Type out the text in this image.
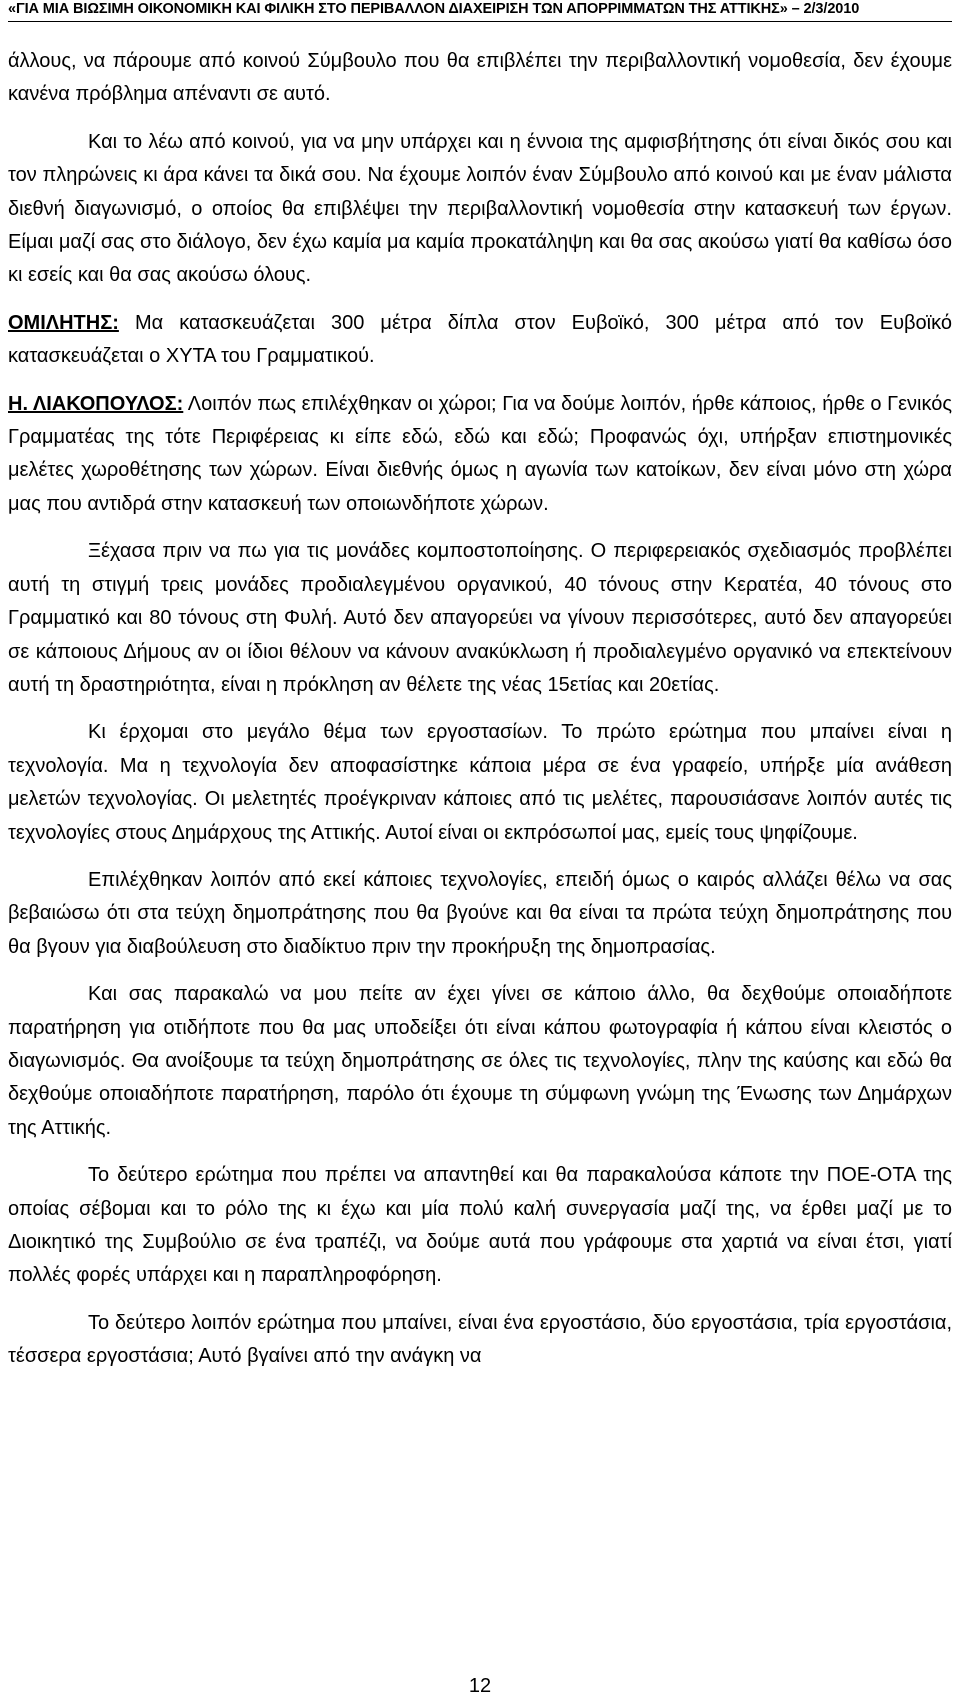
«ΓΙΑ ΜΙΑ ΒΙΩΣΙΜΗ ΟΙΚΟΝΟΜΙΚΗ ΚΑΙ ΦΙΛΙΚΗ ΣΤΟ ΠΕΡΙΒΑΛΛΟΝ ΔΙΑΧΕΙΡΙΣΗ ΤΩΝ ΑΠΟΡΡΙΜΜΑΤΩΝ ΤΗΣ ΑΤΤΙΚΗΣ» – 2/3/2010

άλλους, να πάρουμε από κοινού Σύμβουλο που θα επιβλέπει την περιβαλλοντική νομοθεσία, δεν έχουμε κανένα πρόβλημα απέναντι σε αυτό.

Και το λέω από κοινού, για να μην υπάρχει και η έννοια της αμφισβήτησης ότι είναι δικός σου και τον πληρώνεις κι άρα κάνει τα δικά σου. Να έχουμε λοιπόν έναν Σύμβουλο από κοινού και με έναν μάλιστα διεθνή διαγωνισμό, ο οποίος θα επιβλέψει την περιβαλλοντική νομοθεσία στην κατασκευή των έργων. Είμαι μαζί σας στο διάλογο, δεν έχω καμία μα καμία προκατάληψη και θα σας ακούσω γιατί θα καθίσω όσο κι εσείς και θα σας ακούσω όλους.

ΟΜΙΛΗΤΗΣ: Μα κατασκευάζεται 300 μέτρα δίπλα στον Ευβοϊκό, 300 μέτρα από τον Ευβοϊκό κατασκευάζεται ο ΧΥΤΑ του Γραμματικού.

Η. ΛΙΑΚΟΠΟΥΛΟΣ: Λοιπόν πως επιλέχθηκαν οι χώροι; Για να δούμε λοιπόν, ήρθε κάποιος, ήρθε ο Γενικός Γραμματέας της τότε Περιφέρειας κι είπε εδώ, εδώ και εδώ; Προφανώς όχι, υπήρξαν επιστημονικές μελέτες χωροθέτησης των χώρων. Είναι διεθνής όμως η αγωνία των κατοίκων, δεν είναι μόνο στη χώρα μας που αντιδρά στην κατασκευή των οποιωνδήποτε χώρων.

Ξέχασα πριν να πω για τις μονάδες κομποστοποίησης. Ο περιφερειακός σχεδιασμός προβλέπει αυτή τη στιγμή τρεις μονάδες προδιαλεγμένου οργανικού, 40 τόνους στην Κερατέα, 40 τόνους στο Γραμματικό και 80 τόνους στη Φυλή. Αυτό δεν απαγορεύει να γίνουν περισσότερες, αυτό δεν απαγορεύει σε κάποιους Δήμους αν οι ίδιοι θέλουν να κάνουν ανακύκλωση ή προδιαλεγμένο οργανικό να επεκτείνουν αυτή τη δραστηριότητα, είναι η πρόκληση αν θέλετε της νέας 15ετίας και 20ετίας.

Κι έρχομαι στο μεγάλο θέμα των εργοστασίων. Το πρώτο ερώτημα που μπαίνει είναι η τεχνολογία. Μα η τεχνολογία δεν αποφασίστηκε κάποια μέρα σε ένα γραφείο, υπήρξε μία ανάθεση μελετών τεχνολογίας. Οι μελετητές προέγκριναν κάποιες από τις μελέτες, παρουσιάσανε λοιπόν αυτές τις τεχνολογίες στους Δημάρχους της Αττικής. Αυτοί είναι οι εκπρόσωποί μας, εμείς τους ψηφίζουμε.

Επιλέχθηκαν λοιπόν από εκεί κάποιες τεχνολογίες, επειδή όμως ο καιρός αλλάζει θέλω να σας βεβαιώσω ότι στα τεύχη δημοπράτησης που θα βγούνε και θα είναι τα πρώτα τεύχη δημοπράτησης που θα βγουν για διαβούλευση στο διαδίκτυο πριν την προκήρυξη της δημοπρασίας.

Και σας παρακαλώ να μου πείτε αν έχει γίνει σε κάποιο άλλο, θα δεχθούμε οποιαδήποτε παρατήρηση για οτιδήποτε που θα μας υποδείξει ότι είναι κάπου φωτογραφία ή κάπου είναι κλειστός ο διαγωνισμός. Θα ανοίξουμε τα τεύχη δημοπράτησης σε όλες τις τεχνολογίες, πλην της καύσης και εδώ θα δεχθούμε οποιαδήποτε παρατήρηση, παρόλο ότι έχουμε τη σύμφωνη γνώμη της Ένωσης των Δημάρχων της Αττικής.

Το δεύτερο ερώτημα που πρέπει να απαντηθεί και θα παρακαλούσα κάποτε την ΠΟΕ-ΟΤΑ της οποίας σέβομαι και το ρόλο της κι έχω και μία πολύ καλή συνεργασία μαζί της, να έρθει μαζί με το Διοικητικό της Συμβούλιο σε ένα τραπέζι, να δούμε αυτά που γράφουμε στα χαρτιά να είναι έτσι, γιατί πολλές φορές υπάρχει και η παραπληροφόρηση.

Το δεύτερο λοιπόν ερώτημα που μπαίνει, είναι ένα εργοστάσιο, δύο εργοστάσια, τρία εργοστάσια, τέσσερα εργοστάσια; Αυτό βγαίνει από την ανάγκη να

12
